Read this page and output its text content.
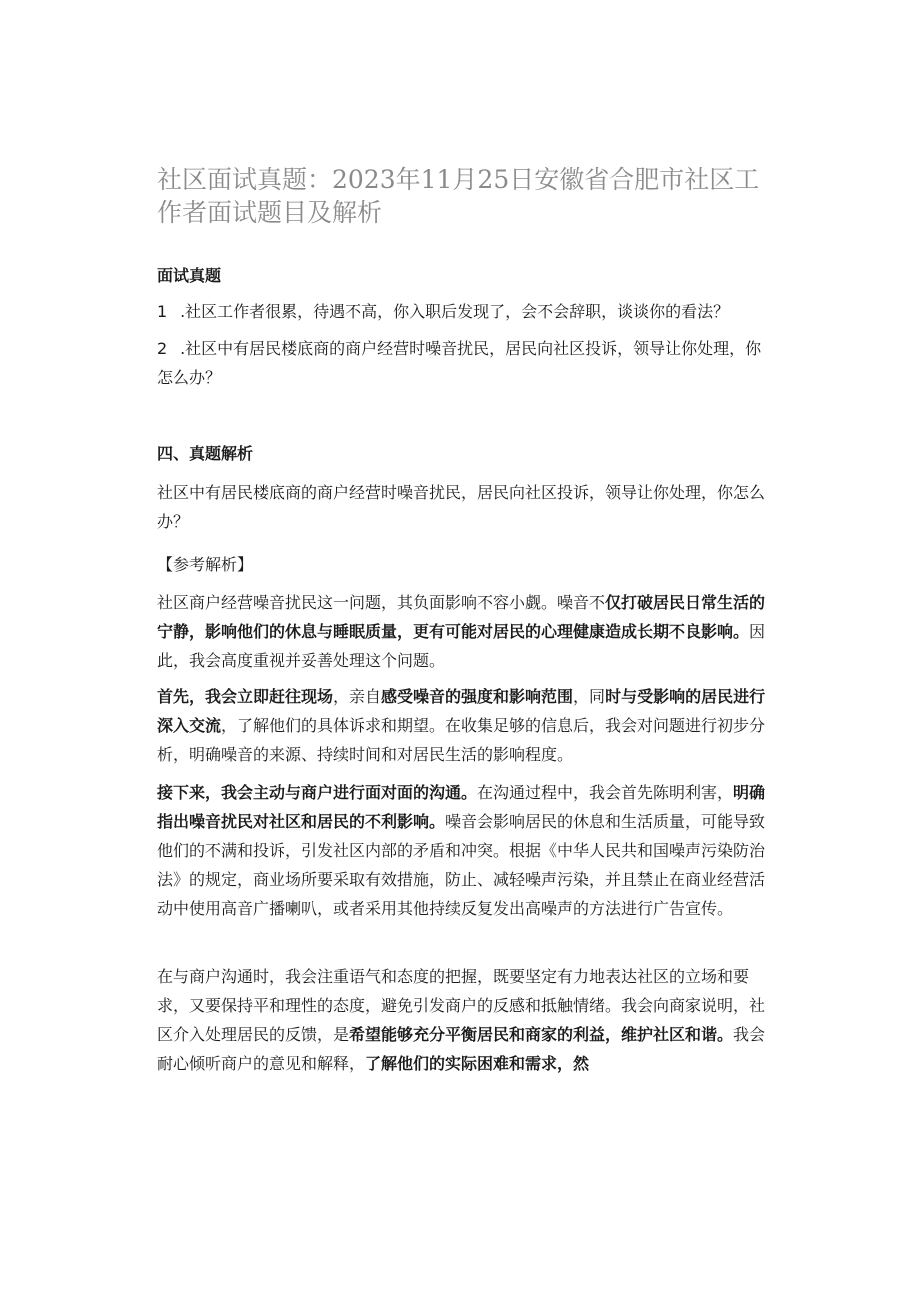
社区面试真题：2023年11月25日安徽省合肥市社区工作者面试题目及解析
面试真题
1 .社区工作者很累，待遇不高，你入职后发现了，会不会辞职，谈谈你的看法？
2 .社区中有居民楼底商的商户经营时噪音扰民，居民向社区投诉，领导让你处理，你怎么办？
四、真题解析

社区中有居民楼底商的商户经营时噪音扰民，居民向社区投诉，领导让你处理，你怎么办？

【参考解析】

社区商户经营噪音扰民这一问题，其负面影响不容小觑。噪音不仅打破居民日常生活的宁静，影响他们的休息与睡眠质量，更有可能对居民的心理健康造成长期不良影响。因此，我会高度重视并妥善处理这个问题。

首先，我会立即赶往现场，亲自感受噪音的强度和影响范围，同时与受影响的居民进行深入交流，了解他们的具体诉求和期望。在收集足够的信息后，我会对问题进行初步分析，明确噪音的来源、持续时间和对居民生活的影响程度。

接下来，我会主动与商户进行面对面的沟通。在沟通过程中，我会首先陈明利害，明确指出噪音扰民对社区和居民的不利影响。噪音会影响居民的休息和生活质量，可能导致他们的不满和投诉，引发社区内部的矛盾和冲突。根据《中华人民共和国噪声污染防治法》的规定，商业场所要采取有效措施，防止、减轻噪声污染，并且禁止在商业经营活动中使用高音广播喇叭，或者采用其他持续反复发出高噪声的方法进行广告宣传。

在与商户沟通时，我会注重语气和态度的把握，既要坚定有力地表达社区的立场和要求，又要保持平和理性的态度，避免引发商户的反感和抵触情绪。我会向商家说明，社区介入处理居民的反馈，是希望能够充分平衡居民和商家的利益，维护社区和谐。我会耐心倾听商户的意见和解释，了解他们的实际困难和需求，然
